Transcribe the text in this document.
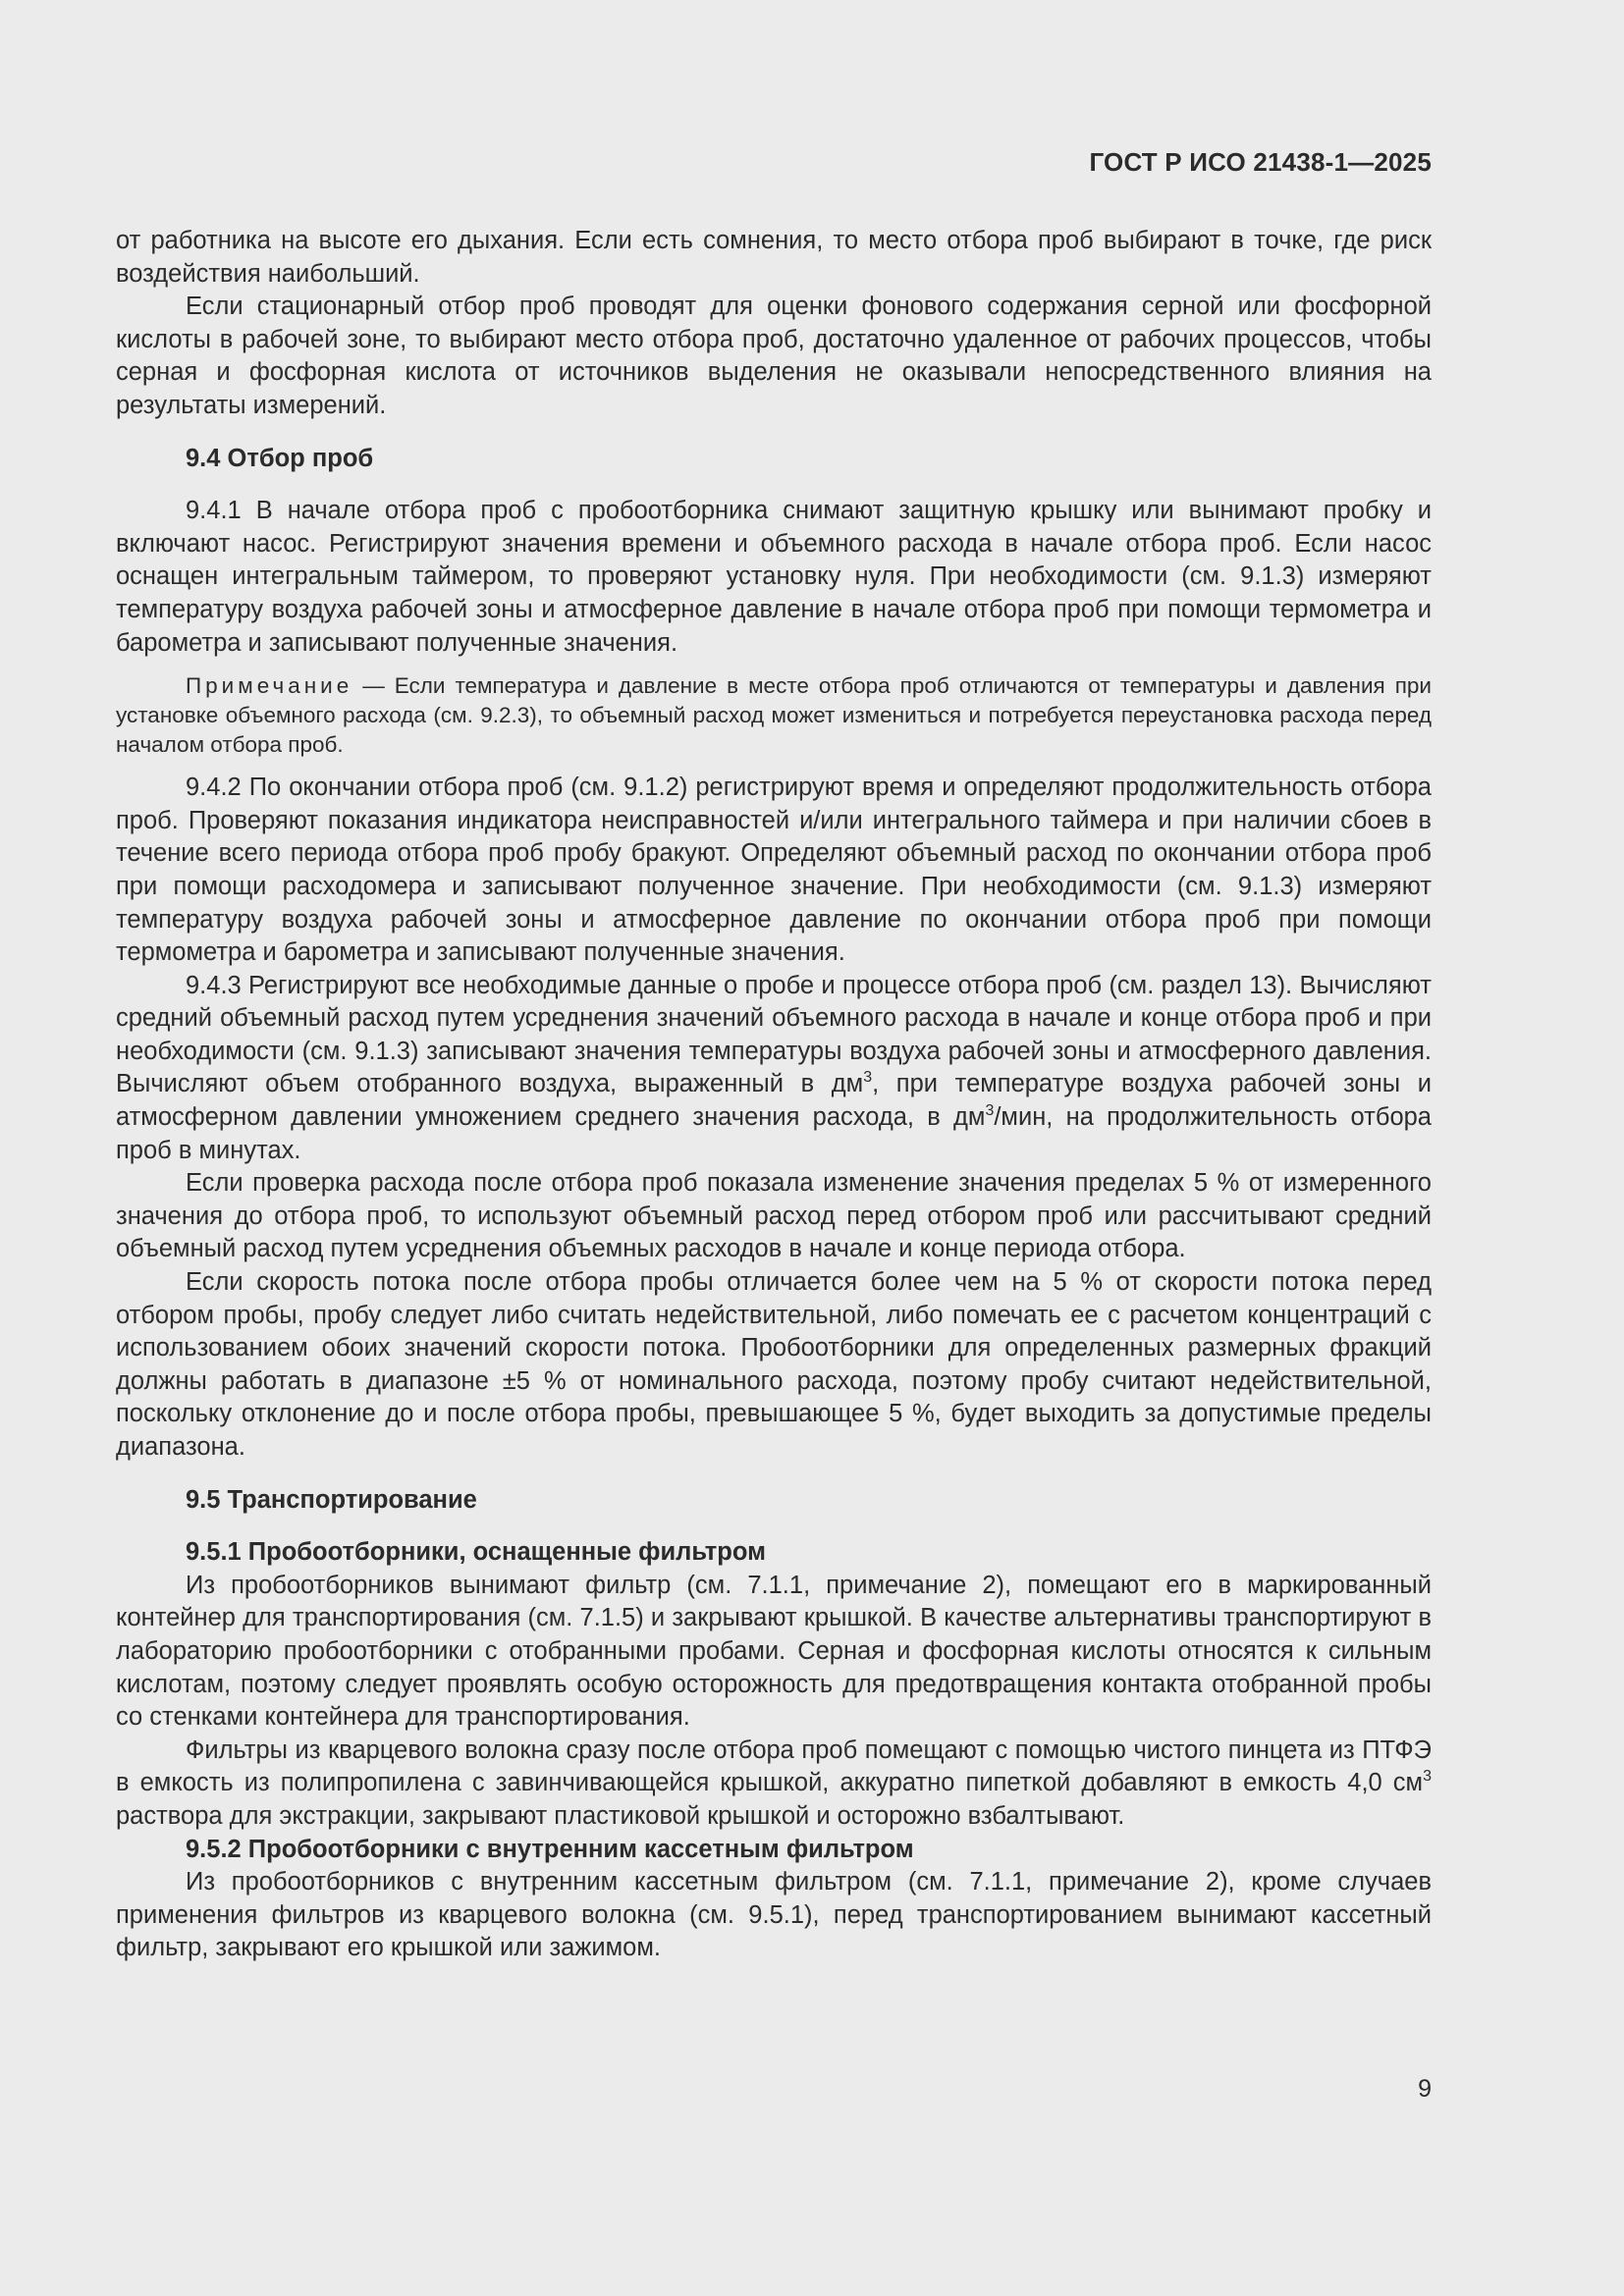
ГОСТ Р ИСО 21438-1—2025

от работника на высоте его дыхания. Если есть сомнения, то место отбора проб выбирают в точке, где риск воздействия наибольший.

Если стационарный отбор проб проводят для оценки фонового содержания серной или фосфорной кислоты в рабочей зоне, то выбирают место отбора проб, достаточно удаленное от рабочих процессов, чтобы серная и фосфорная кислота от источников выделения не оказывали непосредственного влияния на результаты измерений.

9.4 Отбор проб

9.4.1 В начале отбора проб с пробоотборника снимают защитную крышку или вынимают пробку и включают насос. Регистрируют значения времени и объемного расхода в начале отбора проб. Если насос оснащен интегральным таймером, то проверяют установку нуля. При необходимости (см. 9.1.3) измеряют температуру воздуха рабочей зоны и атмосферное давление в начале отбора проб при помощи термометра и барометра и записывают полученные значения.

Примечание — Если температура и давление в месте отбора проб отличаются от температуры и давления при установке объемного расхода (см. 9.2.3), то объемный расход может измениться и потребуется переустановка расхода перед началом отбора проб.

9.4.2 По окончании отбора проб (см. 9.1.2) регистрируют время и определяют продолжительность отбора проб. Проверяют показания индикатора неисправностей и/или интегрального таймера и при наличии сбоев в течение всего периода отбора проб пробу бракуют. Определяют объемный расход по окончании отбора проб при помощи расходомера и записывают полученное значение. При необходимости (см. 9.1.3) измеряют температуру воздуха рабочей зоны и атмосферное давление по окончании отбора проб при помощи термометра и барометра и записывают полученные значения.

9.4.3 Регистрируют все необходимые данные о пробе и процессе отбора проб (см. раздел 13). Вычисляют средний объемный расход путем усреднения значений объемного расхода в начале и конце отбора проб и при необходимости (см. 9.1.3) записывают значения температуры воздуха рабочей зоны и атмосферного давления. Вычисляют объем отобранного воздуха, выраженный в $дм^3$, при температуре воздуха рабочей зоны и атмосферном давлении умножением среднего значения расхода, в $дм^3$/мин, на продолжительность отбора проб в минутах.

Если проверка расхода после отбора проб показала изменение значения пределах 5 % от измеренного значения до отбора проб, то используют объемный расход перед отбором проб или рассчитывают средний объемный расход путем усреднения объемных расходов в начале и конце периода отбора.

Если скорость потока после отбора пробы отличается более чем на 5 % от скорости потока перед отбором пробы, пробу следует либо считать недействительной, либо помечать ее с расчетом концентраций с использованием обоих значений скорости потока. Пробоотборники для определенных размерных фракций должны работать в диапазоне ±5 % от номинального расхода, поэтому пробу считают недействительной, поскольку отклонение до и после отбора пробы, превышающее 5 %, будет выходить за допустимые пределы диапазона.

9.5 Транспортирование

9.5.1 Пробоотборники, оснащенные фильтром

Из пробоотборников вынимают фильтр (см. 7.1.1, примечание 2), помещают его в маркированный контейнер для транспортирования (см. 7.1.5) и закрывают крышкой. В качестве альтернативы транспортируют в лабораторию пробоотборники с отобранными пробами. Серная и фосфорная кислоты относятся к сильным кислотам, поэтому следует проявлять особую осторожность для предотвращения контакта отобранной пробы со стенками контейнера для транспортирования.

Фильтры из кварцевого волокна сразу после отбора проб помещают с помощью чистого пинцета из ПТФЭ в емкость из полипропилена с завинчивающейся крышкой, аккуратно пипеткой добавляют в емкость 4,0 $см^3$ раствора для экстракции, закрывают пластиковой крышкой и осторожно взбалтывают.

9.5.2 Пробоотборники с внутренним кассетным фильтром

Из пробоотборников с внутренним кассетным фильтром (см. 7.1.1, примечание 2), кроме случаев применения фильтров из кварцевого волокна (см. 9.5.1), перед транспортированием вынимают кассетный фильтр, закрывают его крышкой или зажимом.

9
